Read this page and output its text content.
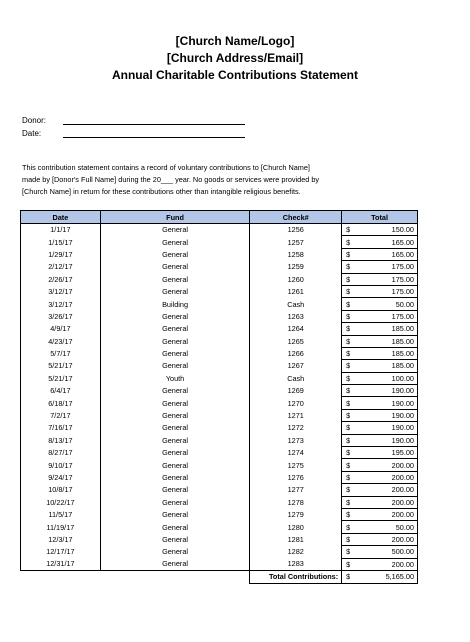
[Church Name/Logo]
[Church Address/Email]
Annual Charitable Contributions Statement
Donor:
Date:
This contribution statement contains a record of voluntary contributions to [Church Name]
made by [Donor's Full Name] during the 20___ year. No goods or services were provided by
[Church Name] in return for these contributions other than intangible religious benefits.
Date	Fund	Check#	Total
1/1/17	General	1256	$ 150.00
1/15/17	General	1257	$ 165.00
1/29/17	General	1258	$ 165.00
2/12/17	General	1259	$ 175.00
2/26/17	General	1260	$ 175.00
3/12/17	General	1261	$ 175.00
3/12/17	Building	Cash	$ 50.00
3/26/17	General	1263	$ 175.00
4/9/17	General	1264	$ 185.00
4/23/17	General	1265	$ 185.00
5/7/17	General	1266	$ 185.00
5/21/17	General	1267	$ 185.00
5/21/17	Youth	Cash	$ 100.00
6/4/17	General	1269	$ 190.00
6/18/17	General	1270	$ 190.00
7/2/17	General	1271	$ 190.00
7/16/17	General	1272	$ 190.00
8/13/17	General	1273	$ 190.00
8/27/17	General	1274	$ 195.00
9/10/17	General	1275	$ 200.00
9/24/17	General	1276	$ 200.00
10/8/17	General	1277	$ 200.00
10/22/17	General	1278	$ 200.00
11/5/17	General	1279	$ 200.00
11/19/17	General	1280	$ 50.00
12/3/17	General	1281	$ 200.00
12/17/17	General	1282	$ 500.00
12/31/17	General	1283	$ 200.00
		Total Contributions:	$ 5,165.00
